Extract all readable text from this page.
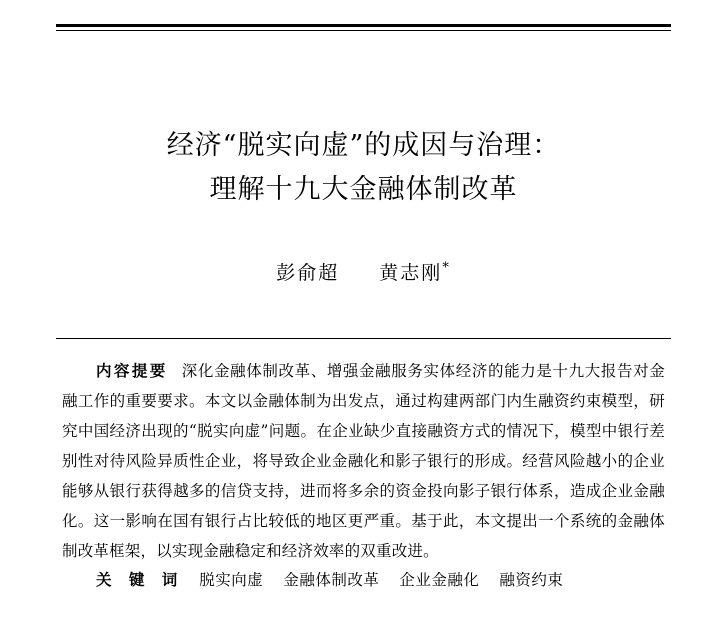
经济“脱实向虚”的成因与治理：
理解十九大金融体制改革
彭俞超 黄志刚*
内容提要 深化金融体制改革、增强金融服务实体经济的能力是十九大报告对金融工作的重要要求。本文以金融体制为出发点，通过构建两部门内生融资约束模型，研究中国经济出现的“脱实向虚”问题。在企业缺少直接融资方式的情况下，模型中银行差别性对待风险异质性企业，将导致企业金融化和影子银行的形成。经营风险越小的企业能够从银行获得越多的信贷支持，进而将多余的资金投向影子银行体系，造成企业金融化。这一影响在国有银行占比较低的地区更严重。基于此，本文提出一个系统的金融体制改革框架，以实现金融稳定和经济效率的双重改进。
关 键 词 脱实向虚 金融体制改革 企业金融化 融资约束
